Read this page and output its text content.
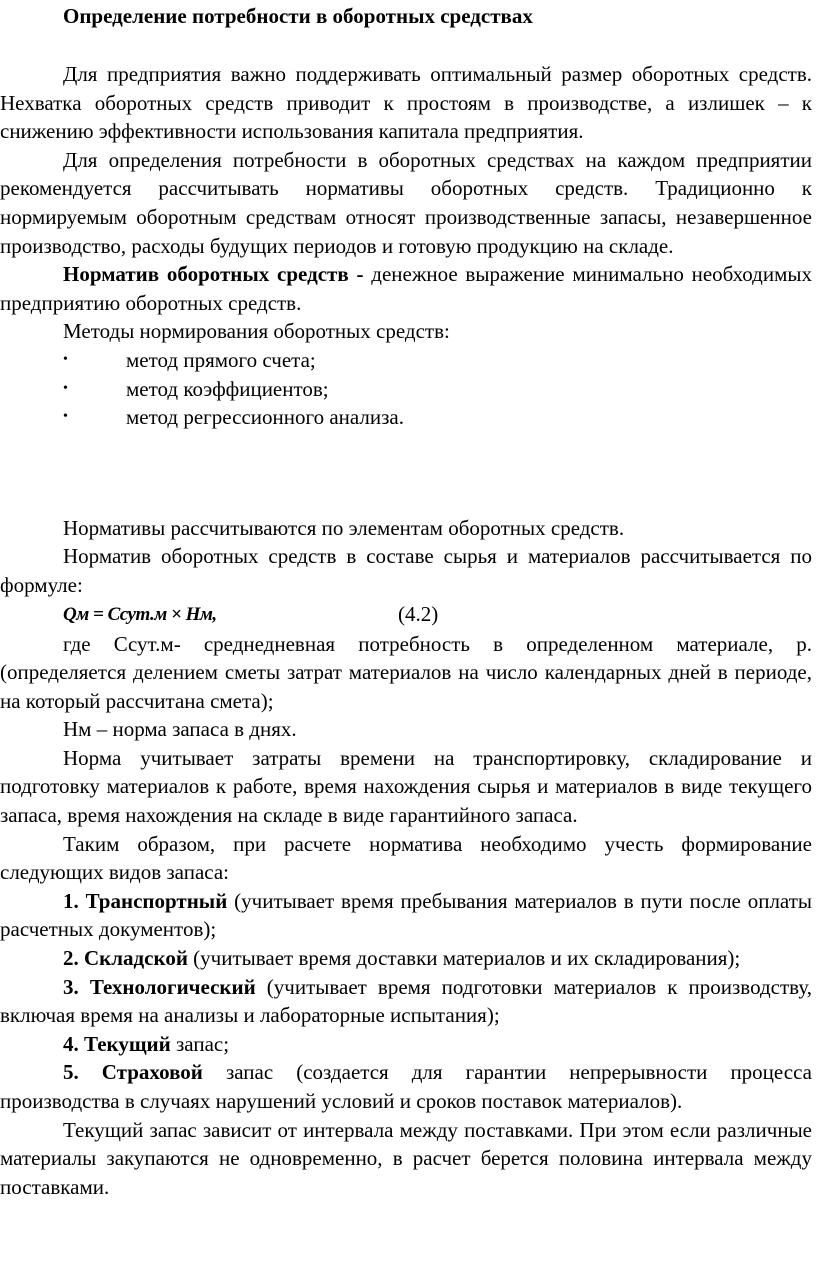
Определение потребности в оборотных средствах

Для предприятия важно поддерживать оптимальный размер оборотных средств. Нехватка оборотных средств приводит к простоям в производстве, а излишек – к снижению эффективности использования капитала предприятия.

Для определения потребности в оборотных средствах на каждом предприятии рекомендуется рассчитывать нормативы оборотных средств. Традиционно к нормируемым оборотным средствам относят производственные запасы, незавершенное производство, расходы будущих периодов и готовую продукцию на складе.

Норматив оборотных средств - денежное выражение минимально необходимых предприятию оборотных средств.

Методы нормирования оборотных средств:

•	метод прямого счета;
•	метод коэффициентов;
•	метод регрессионного анализа.

Нормативы рассчитываются по элементам оборотных средств.

Норматив оборотных средств в составе сырья и материалов рассчитывается по формуле:

Qм = Cсут.м × Hм,	(4.2)

где Ссут.м- среднедневная потребность в определенном материале, р. (определяется делением сметы затрат материалов на число календарных дней в периоде, на который рассчитана смета);

Нм – норма запаса в днях.

Норма учитывает затраты времени на транспортировку, складирование и подготовку материалов к работе, время нахождения сырья и материалов в виде текущего запаса, время нахождения на складе в виде гарантийного запаса.

Таким образом, при расчете норматива необходимо учесть формирование следующих видов запаса:

1. Транспортный (учитывает время пребывания материалов в пути после оплаты расчетных документов);

2. Складской (учитывает время доставки материалов и их складирования);

3. Технологический (учитывает время подготовки материалов к производству, включая время на анализы и лабораторные испытания);

4. Текущий запас;

5. Страховой запас (создается для гарантии непрерывности процесса производства в случаях нарушений условий и сроков поставок материалов).

Текущий запас зависит от интервала между поставками. При этом если различные материалы закупаются не одновременно, в расчет берется половина интервала между поставками.
